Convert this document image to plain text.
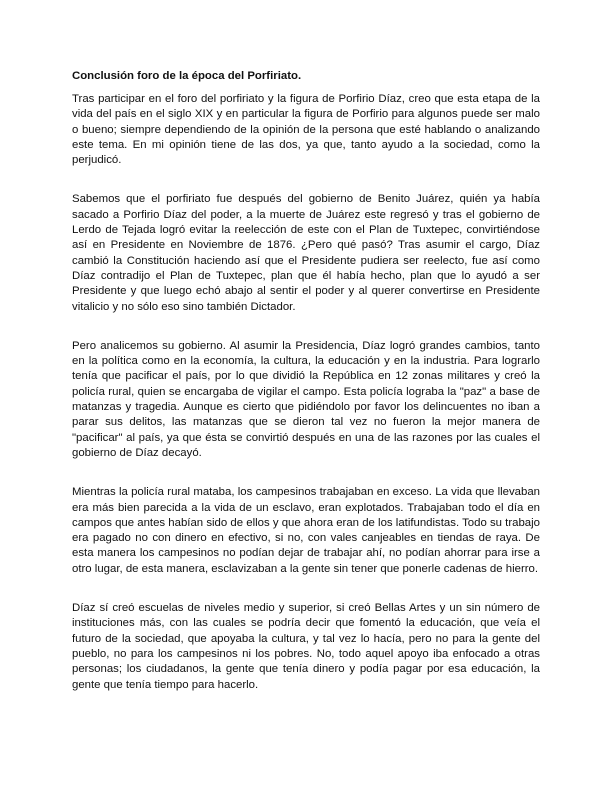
Conclusión foro de la época del Porfiriato.

Tras participar en el foro del porfiriato y la figura de Porfirio Díaz, creo que esta etapa de la vida del país en el siglo XIX y en particular la figura de Porfirio para algunos puede ser malo o bueno; siempre dependiendo de la opinión de la persona que esté hablando o analizando este tema. En mi opinión tiene de las dos, ya que, tanto ayudo a la sociedad, como la perjudicó.

Sabemos que el porfiriato fue después del gobierno de Benito Juárez, quién ya había sacado a Porfirio Díaz del poder, a la muerte de Juárez este regresó y tras el gobierno de Lerdo de Tejada logró evitar la reelección de este con el Plan de Tuxtepec, convirtiéndose así en Presidente en Noviembre de 1876. ¿Pero qué pasó? Tras asumir el cargo, Díaz cambió la Constitución haciendo así que el Presidente pudiera ser reelecto, fue así como Díaz contradijo el Plan de Tuxtepec, plan que él había hecho, plan que lo ayudó a ser Presidente y que luego echó abajo al sentir el poder y al querer convertirse en Presidente vitalicio y no sólo eso sino también Dictador.

Pero analicemos su gobierno. Al asumir la Presidencia, Díaz logró grandes cambios, tanto en la política como en la economía, la cultura, la educación y en la industria. Para lograrlo tenía que pacificar el país, por lo que dividió la República en 12 zonas militares y creó la policía rural, quien se encargaba de vigilar el campo. Esta policía lograba la "paz" a base de matanzas y tragedia. Aunque es cierto que pidiéndolo por favor los delincuentes no iban a parar sus delitos, las matanzas que se dieron tal vez no fueron la mejor manera de "pacificar" al país, ya que ésta se convirtió después en una de las razones por las cuales el gobierno de Díaz decayó.

Mientras la policía rural mataba, los campesinos trabajaban en exceso. La vida que llevaban era más bien parecida a la vida de un esclavo, eran explotados. Trabajaban todo el día en campos que antes habían sido de ellos y que ahora eran de los latifundistas. Todo su trabajo era pagado no con dinero en efectivo, si no, con vales canjeables en tiendas de raya. De esta manera los campesinos no podían dejar de trabajar ahí, no podían ahorrar para irse a otro lugar, de esta manera, esclavizaban a la gente sin tener que ponerle cadenas de hierro.

Díaz sí creó escuelas de niveles medio y superior, si creó Bellas Artes y un sin número de instituciones más, con las cuales se podría decir que fomentó la educación, que veía el futuro de la sociedad, que apoyaba la cultura, y tal vez lo hacía, pero no para la gente del pueblo, no para los campesinos ni los pobres. No, todo aquel apoyo iba enfocado a otras personas; los ciudadanos, la gente que tenía dinero y podía pagar por esa educación, la gente que tenía tiempo para hacerlo.
